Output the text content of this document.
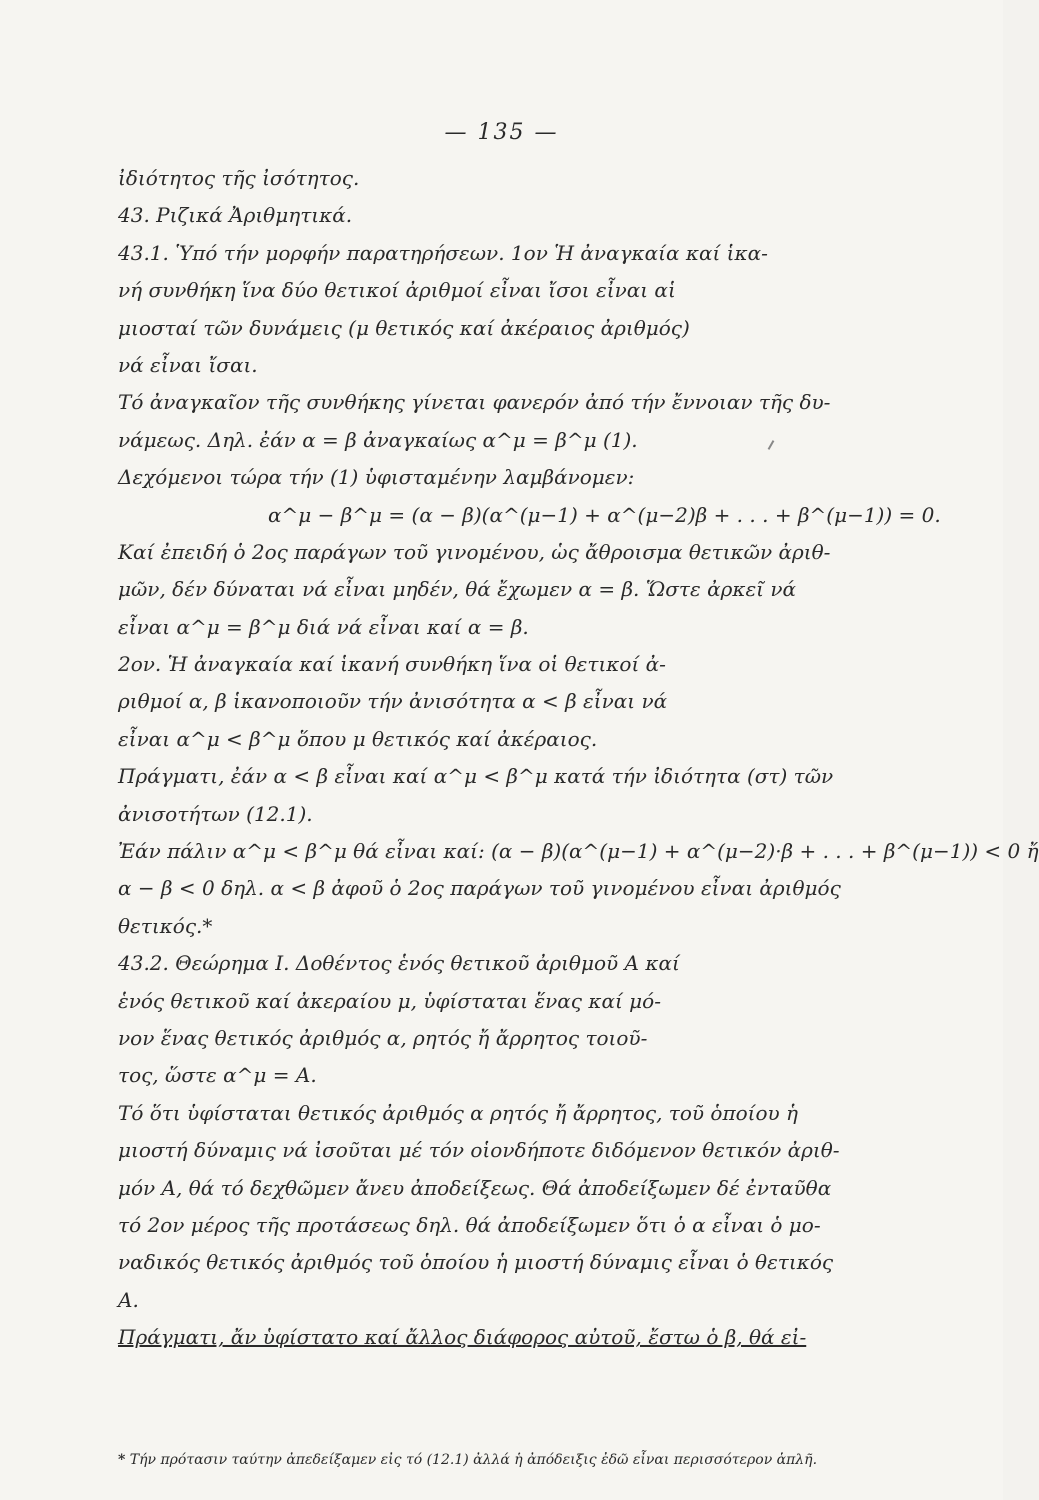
— 135 —
ἰδιότητος τῆς ἰσότητος.
43. Ριζικά Ἀριθμητικά.
43.1. Ὑπό τήν μορφήν παρατηρήσεων. 1ον Ἡ ἀναγκαία καί ἱκα-
νή συνθήκη ἵνα δύο θετικοί ἀριθμοί εἶναι ἴσοι εἶναι αἱ
μιοσταί τῶν δυνάμεις (μ θετικός καί ἀκέραιος ἀριθμός)
νά εἶναι ἴσαι.
Τό ἀναγκαῖον τῆς συνθήκης γίνεται φανερόν ἀπό τήν ἔννοιαν τῆς δυ-
νάμεως. Δηλ. ἐάν α = β ἀναγκαίως α^μ = β^μ (1).
Δεχόμενοι τώρα τήν (1) ὑφισταμένην λαμβάνομεν:
α^μ − β^μ = (α − β)(α^(μ−1) + α^(μ−2)β + . . . + β^(μ−1)) = 0.
Καί ἐπειδή ὁ 2ος παράγων τοῦ γινομένου, ὡς ἄθροισμα θετικῶν ἀριθ-
μῶν, δέν δύναται νά εἶναι μηδέν, θά ἔχωμεν α = β. Ὥστε ἀρκεῖ νά
εἶναι α^μ = β^μ διά νά εἶναι καί α = β.
2ον. Ἡ ἀναγκαία καί ἱκανή συνθήκη ἵνα οἱ θετικοί ἀ-
ριθμοί α, β ἱκανοποιοῦν τήν ἀνισότητα α < β εἶναι νά
εἶναι α^μ < β^μ ὅπου μ θετικός καί ἀκέραιος.
Πράγματι, ἐάν α < β εἶναι καί α^μ < β^μ κατά τήν ἰδιότητα (στ) τῶν
ἀνισοτήτων (12.1).
Ἐάν πάλιν α^μ < β^μ θά εἶναι καί: (α − β)(α^(μ−1) + α^(μ−2)·β + . . . + β^(μ−1)) < 0 ἤ
α − β < 0 δηλ. α < β ἀφοῦ ὁ 2ος παράγων τοῦ γινομένου εἶναι ἀριθμός
θετικός.*
43.2. Θεώρημα I. Δοθέντος ἑνός θετικοῦ ἀριθμοῦ Α καί
ἑνός θετικοῦ καί ἀκεραίου μ, ὑφίσταται ἕνας καί μό-
νον ἕνας θετικός ἀριθμός α, ρητός ἤ ἄρρητος τοιοῦ-
τος, ὥστε α^μ = Α.
Τό ὅτι ὑφίσταται θετικός ἀριθμός α ρητός ἤ ἄρρητος, τοῦ ὁποίου ἡ
μιοστή δύναμις νά ἰσοῦται μέ τόν οἱονδήποτε διδόμενον θετικόν ἀριθ-
μόν Α, θά τό δεχθῶμεν ἄνευ ἀποδείξεως. Θά ἀποδείξωμεν δέ ἐνταῦθα
τό 2ον μέρος τῆς προτάσεως δηλ. θά ἀποδείξωμεν ὅτι ὁ α εἶναι ὁ μο-
ναδικός θετικός ἀριθμός τοῦ ὁποίου ἡ μιοστή δύναμις εἶναι ὁ θετικός
Α.
Πράγματι, ἄν ὑφίστατο καί ἄλλος διάφορος αὐτοῦ, ἔστω ὁ β, θά εἰ-
* Τήν πρότασιν ταύτην ἀπεδείξαμεν εἰς τό (12.1) ἀλλά ἡ ἀπόδειξις ἐδῶ εἶναι περισσότερον ἁπλῆ.
